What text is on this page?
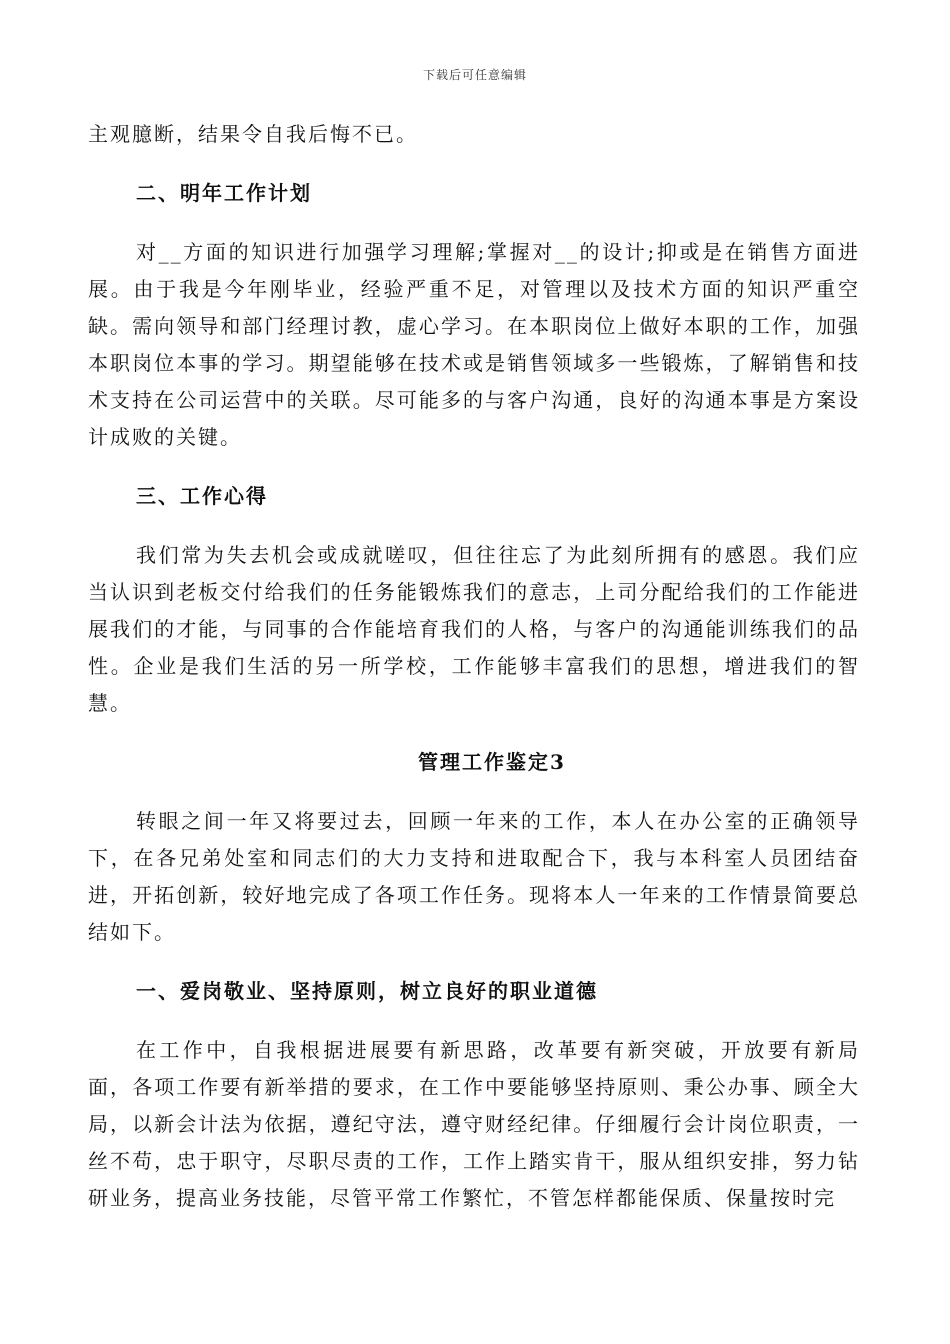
下载后可任意编辑

主观臆断，结果令自我后悔不已。

二、明年工作计划

对__方面的知识进行加强学习理解;掌握对__的设计;抑或是在销售方面进展。由于我是今年刚毕业，经验严重不足，对管理以及技术方面的知识严重空缺。需向领导和部门经理讨教，虚心学习。在本职岗位上做好本职的工作，加强本职岗位本事的学习。期望能够在技术或是销售领域多一些锻炼，了解销售和技术支持在公司运营中的关联。尽可能多的与客户沟通，良好的沟通本事是方案设计成败的关键。

三、工作心得

我们常为失去机会或成就嗟叹，但往往忘了为此刻所拥有的感恩。我们应当认识到老板交付给我们的任务能锻炼我们的意志，上司分配给我们的工作能进展我们的才能，与同事的合作能培育我们的人格，与客户的沟通能训练我们的品性。企业是我们生活的另一所学校，工作能够丰富我们的思想，增进我们的智慧。

管理工作鉴定3

转眼之间一年又将要过去，回顾一年来的工作，本人在办公室的正确领导下，在各兄弟处室和同志们的大力支持和进取配合下，我与本科室人员团结奋进，开拓创新，较好地完成了各项工作任务。现将本人一年来的工作情景简要总结如下。

一、爱岗敬业、坚持原则，树立良好的职业道德

在工作中，自我根据进展要有新思路，改革要有新突破，开放要有新局面，各项工作要有新举措的要求，在工作中要能够坚持原则、秉公办事、顾全大局，以新会计法为依据，遵纪守法，遵守财经纪律。仔细履行会计岗位职责，一丝不苟，忠于职守，尽职尽责的工作，工作上踏实肯干，服从组织安排，努力钻研业务，提高业务技能，尽管平常工作繁忙，不管怎样都能保质、保量按时完
